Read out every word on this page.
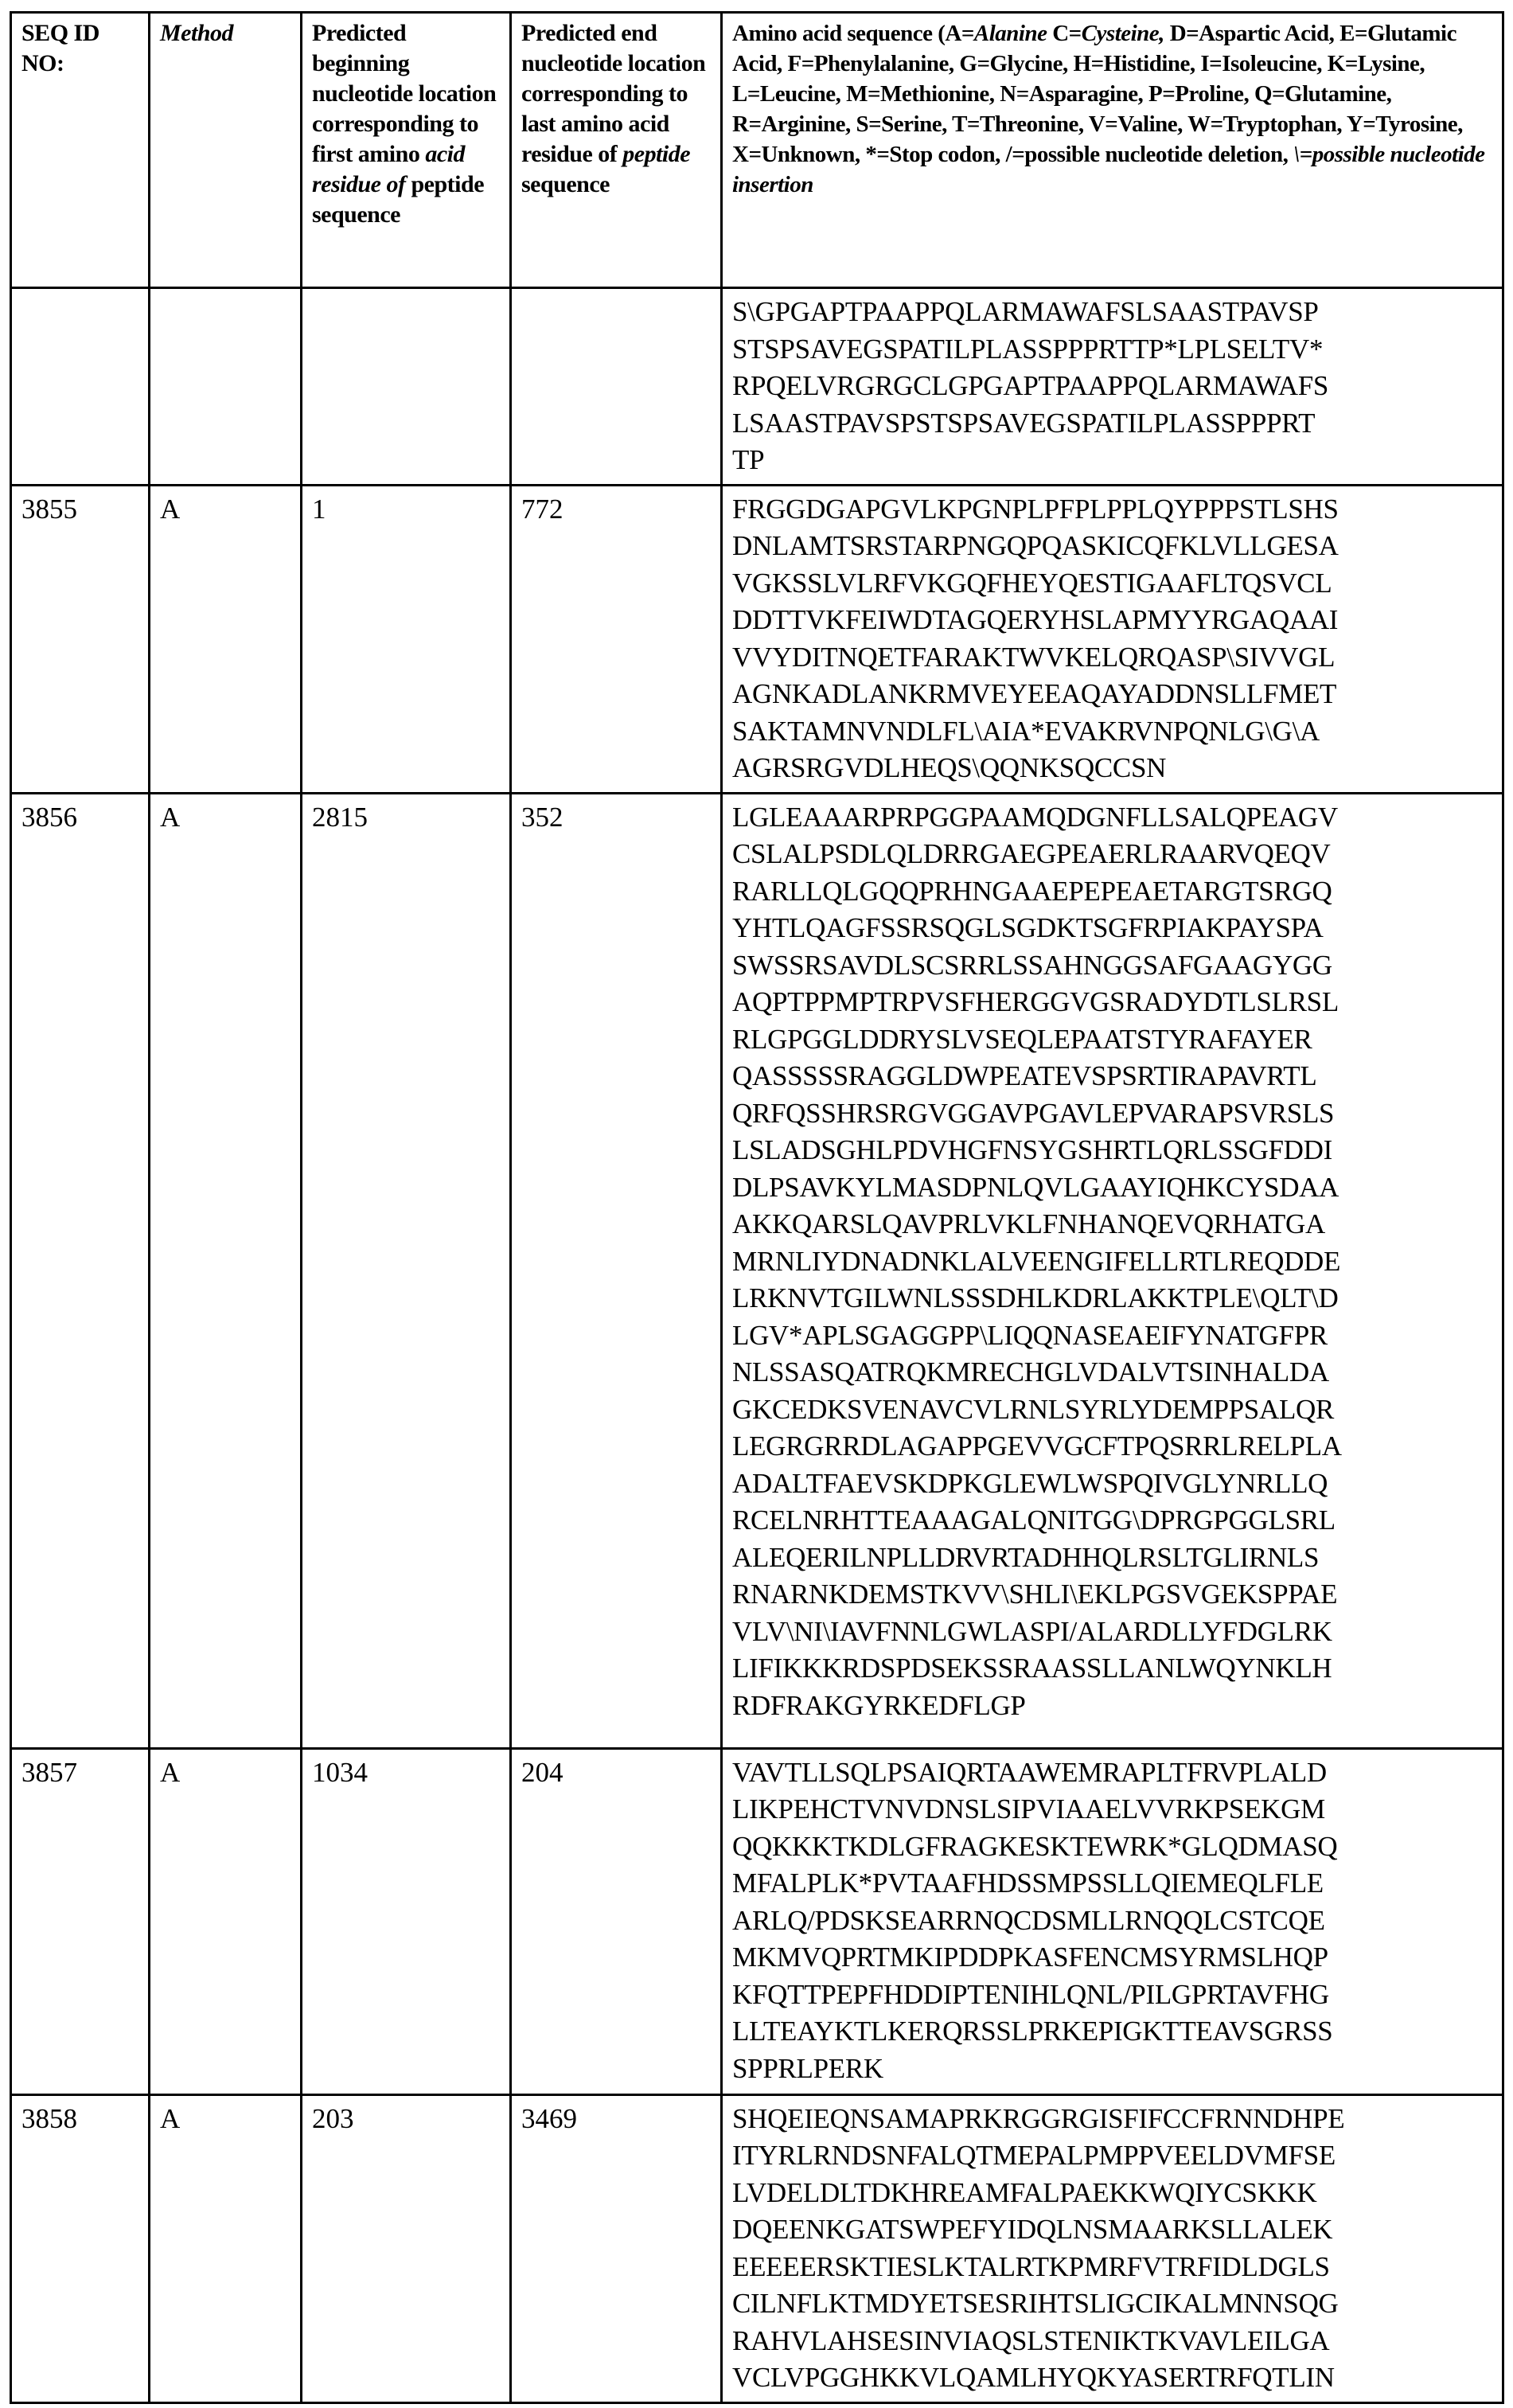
SEQ ID NO:	Method	Predicted beginning nucleotide location corresponding to first amino acid residue of peptide sequence	Predicted end nucleotide location corresponding to last amino acid residue of peptide sequence	Amino acid sequence (A=Alanine C=Cysteine, D=Aspartic Acid, E=Glutamic Acid, F=Phenylalanine, G=Glycine, H=Histidine, I=Isoleucine, K=Lysine, L=Leucine, M=Methionine, N=Asparagine, P=Proline, Q=Glutamine, R=Arginine, S=Serine, T=Threonine, V=Valine, W=Tryptophan, Y=Tyrosine, X=Unknown, *=Stop codon, /=possible nucleotide deletion, \=possible nucleotide insertion

				S\GPGAPTPAAPPQLARMAWAFSLSAASTPAVSP
STSPSAVEGSPATILPLASSPPPRTTP*LPLSELTV*
RPQELVRGRGCLGPGAPTPAAPPQLARMAWAFS
LSAASTPAVSPSTSPSAVEGSPATILPLASSPPPRT
TP

3855	A	1	772	FRGGDGAPGVLKPGNPLPFPLPPLQYPPPSTLSHS
DNLAMTSRSTARPNGQPQASKICQFKLVLLGESA
VGKSSLVLRFVKGQFHEYQESTIGAAFLTQSVCL
DDTTVKFEIWDTAGQERYHSLAPMYYRGAQAAI
VVYDITNQETFARAKTWVKELQRQASP\SIVVGL
AGNKADLANKRMVEYEEAQAYADDNSLLFMET
SAKTAMNVNDLFL\AIA*EVAKRVNPQNLG\G\A
AGRSRGVDLHEQS\QQNKSQCCSN

3856	A	2815	352	LGLEAAARPRPGGPAAMQDGNFLLSALQPEAGV
CSLALPSDLQLDRRGAEGPEAERLRAARVQEQV
RARLLQLGQQPRHNGAAEPEPEAETARGTSRGQ
YHTLQAGFSSRSQGLSGDKTSGFRPIAKPAYSPA
SWSSRSAVDLSCSRRLSSAHNGGSAFGAAGYGG
AQPTPPMPTRPVSFHERGGVGSRADYDTLSLRSL
RLGPGGLDDRYSLVSEQLEPAATSTYRAFAYER
QASSSSSRAGGLDWPEATEVSPSRTIRAPAVRTL
QRFQSSHRSRGVGGAVPGAVLEPVARAPSVRSLS
LSLADSGHLPDVHGFNSYGSHRTLQRLSSGFDDI
DLPSAVKYLMASDPNLQVLGAAYIQHKCYSDAA
AKKQARSLQAVPRLVKLFNHANQEVQRHATGA
MRNLIYDNADNKLALVEENGIFELLRTLREQDDE
LRKNVTGILWNLSSSDHLKDRLAKKTPLE\QLT\D
LGV*APLSGAGGPP\LIQQNASEAEIFYNATGFPR
NLSSASQATRQKMRECHGLVDALVTSINHALDA
GKCEDKSVENAVCVLRNLSYRLYDEMPPSALQR
LEGRGRRDLAGAPPGEVVGCFTPQSRRLRELPLA
ADALTFAEVSKDPKGLEWLWSPQIVGLYNRLLQ
RCELNRHTTEAAAGALQNITGG\DPRGPGGLSRL
ALEQERILNPLLDRVRTADHHQLRSLTGLIRNLS
RNARNKDEMSTKVV\SHLI\EKLPGSVGEKSPPAE
VLV\NI\IAVFNNLGWLASPI/ALARDLLYFDGLRK
LIFIKKKRDSPDSEKSSRAASSLLANLWQYNKLH
RDFRAKGYRKEDFLGP

3857	A	1034	204	VAVTLLSQLPSAIQRTAAWEMRAPLTFRVPLALD
LIKPEHCTVNVDNSLSIPVIAAELVVRKPSEKGM
QQKKKTKDLGFRAGKESKTEWRK*GLQDMASQ
MFALPLK*PVTAAFHDSSMPSSLLQIEMEQLFLE
ARLQ/PDSKSEARRNQCDSMLLRNQQLCSTCQE
MKMVQPRTMKIPDDPKASFENCMSYRMSLHQP
KFQTTPEPFHDDIPTENIHLQNL/PILGPRTAVFHG
LLTEAYKTLKERQRSSLPRKEPIGKTTEAVSGRSS
SPPRLPERK

3858	A	203	3469	SHQEIEQNSAMAPRKRGGRGISFIFCCFRNNDHPE
ITYRLRNDSNFALQTMEPALPMPPVEELDVMFSE
LVDELDLTDKHREAMFALPAEKKWQIYCSKKK
DQEENKGATSWPEFYIDQLNSMAARKSLLALEK
EEEEERSKTIESLKTALRTKPMRFVTRFIDLDGLS
CILNFLKTMDYETSESRIHTSLIGCIKALMNNSQG
RAHVLAHSESINVIAQSLSTENIKTKVAVLEILGA
VCLVPGGHKKVLQAMLHYQKYASERTRFQTLIN
